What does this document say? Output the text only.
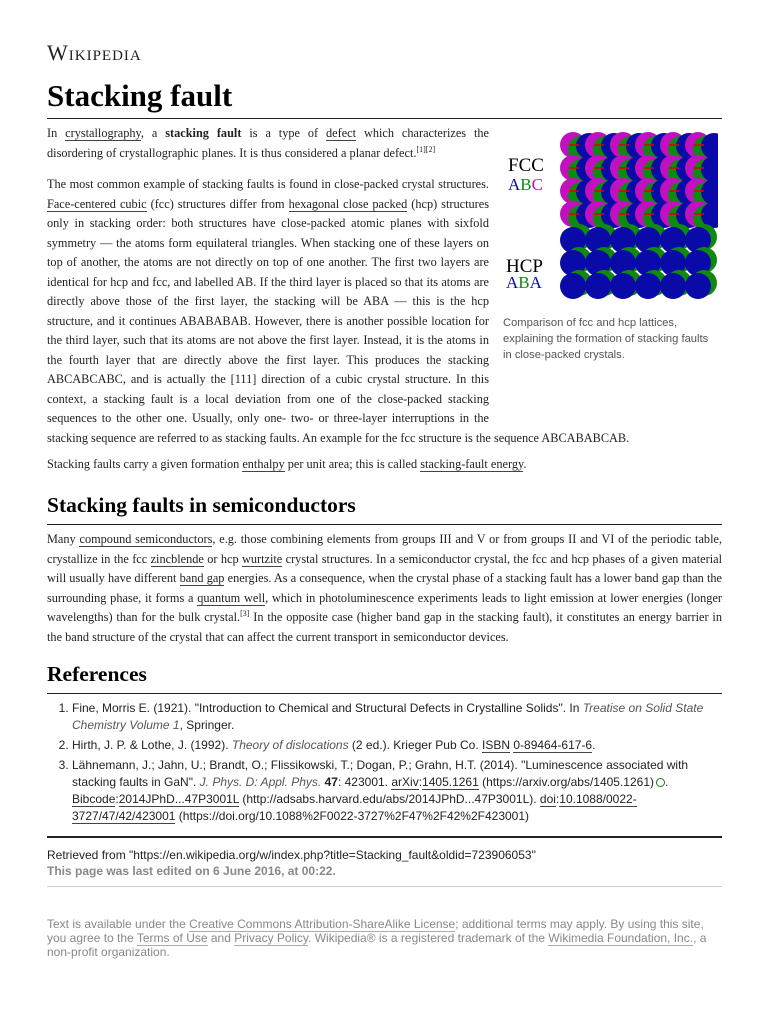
Wikipedia
Stacking fault

In crystallography, a stacking fault is a type of defect which characterizes the disordering of crystallographic planes. It is thus considered a planar defect.[1][2]

FCC
ABC
HCP
ABA
Comparison of fcc and hcp lattices, explaining the formation of stacking faults in close-packed crystals.

The most common example of stacking faults is found in close-packed crystal structures. Face-centered cubic (fcc) structures differ from hexagonal close packed (hcp) structures only in stacking order: both structures have close-packed atomic planes with sixfold symmetry — the atoms form equilateral triangles. When stacking one of these layers on top of another, the atoms are not directly on top of one another. The first two layers are identical for hcp and fcc, and labelled AB. If the third layer is placed so that its atoms are directly above those of the first layer, the stacking will be ABA — this is the hcp structure, and it continues ABABABAB. However, there is another possible location for the third layer, such that its atoms are not above the first layer. Instead, it is the atoms in the fourth layer that are directly above the first layer. This produces the stacking ABCABCABC, and is actually the [111] direction of a cubic crystal structure. In this context, a stacking fault is a local deviation from one of the close-packed stacking sequences to the other one. Usually, only one- two- or three-layer interruptions in the stacking sequence are referred to as stacking faults. An example for the fcc structure is the sequence ABCABABCAB.

Stacking faults carry a given formation enthalpy per unit area; this is called stacking-fault energy.

Stacking faults in semiconductors

Many compound semiconductors, e.g. those combining elements from groups III and V or from groups II and VI of the periodic table, crystallize in the fcc zincblende or hcp wurtzite crystal structures. In a semiconductor crystal, the fcc and hcp phases of a given material will usually have different band gap energies. As a consequence, when the crystal phase of a stacking fault has a lower band gap than the surrounding phase, it forms a quantum well, which in photoluminescence experiments leads to light emission at lower energies (longer wavelengths) than for the bulk crystal.[3] In the opposite case (higher band gap in the stacking fault), it constitutes an energy barrier in the band structure of the crystal that can affect the current transport in semiconductor devices.

References
1. Fine, Morris E. (1921). "Introduction to Chemical and Structural Defects in Crystalline Solids". In Treatise on Solid State Chemistry Volume 1, Springer.
2. Hirth, J. P. & Lothe, J. (1992). Theory of dislocations (2 ed.). Krieger Pub Co. ISBN 0-89464-617-6.
3. Lähnemann, J.; Jahn, U.; Brandt, O.; Flissikowski, T.; Dogan, P.; Grahn, H.T. (2014). "Luminescence associated with stacking faults in GaN". J. Phys. D: Appl. Phys. 47: 423001. arXiv:1405.1261 (https://arxiv.org/abs/1405.1261) . Bibcode:2014JPhD...47P3001L (http://adsabs.harvard.edu/abs/2014JPhD...47P3001L). doi:10.1088/0022-3727/47/42/423001 (https://doi.org/10.1088%2F0022-3727%2F47%2F42%2F423001)
Retrieved from "https://en.wikipedia.org/w/index.php?title=Stacking_fault&oldid=723906053"
This page was last edited on 6 June 2016, at 00:22.
Text is available under the Creative Commons Attribution-ShareAlike License; additional terms may apply. By using this site, you agree to the Terms of Use and Privacy Policy. Wikipedia® is a registered trademark of the Wikimedia Foundation, Inc., a non-profit organization.
